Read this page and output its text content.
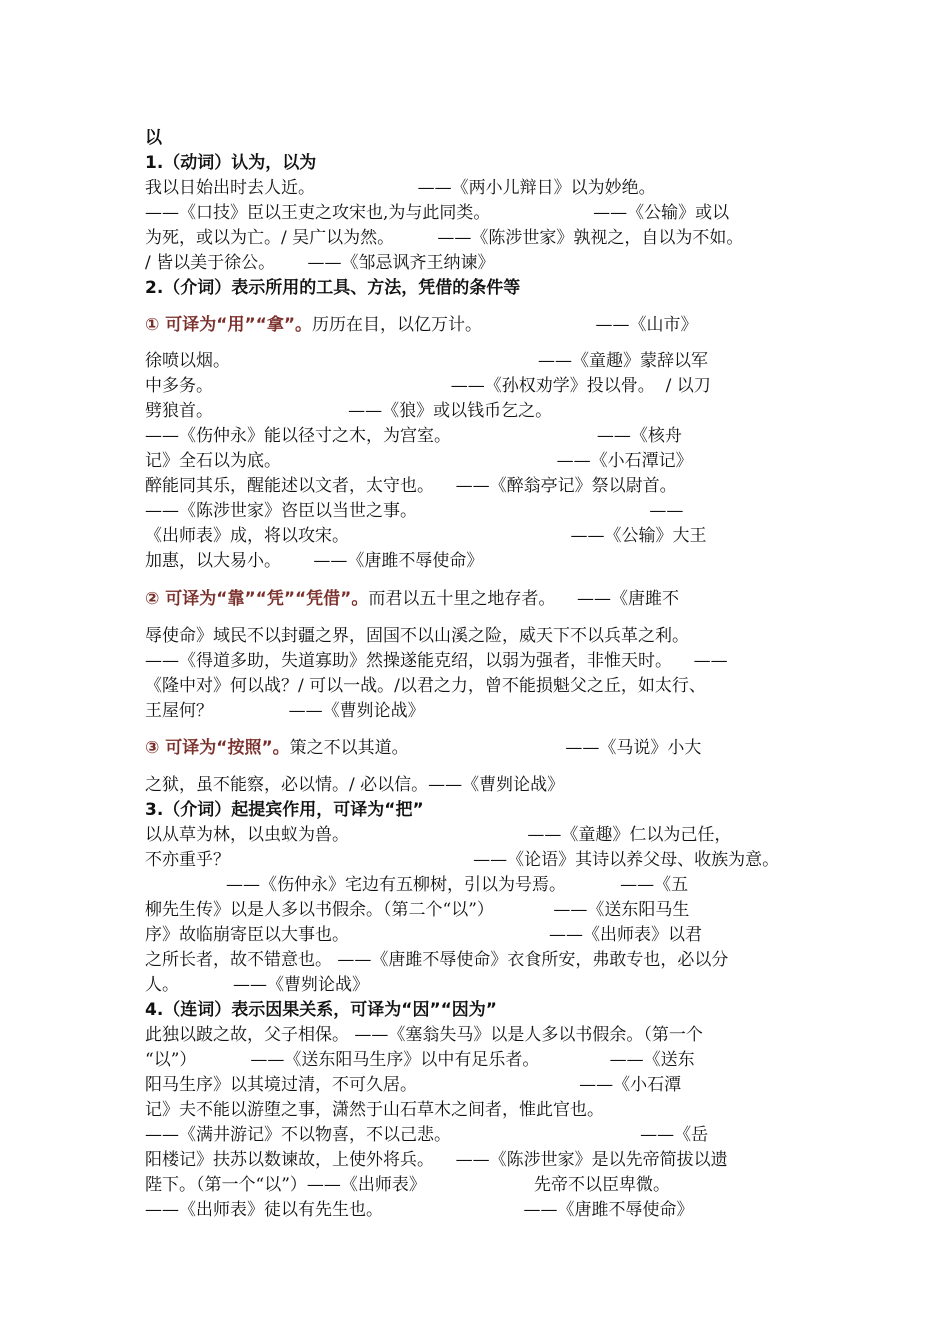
以

1.（动词）认为，以为

我以日始出时去人近。                   ——《两小儿辩日》以为妙绝。

——《口技》臣以王吏之攻宋也,为与此同类。                   ——《公输》或以

为死，或以为亡。/ 吴广以为然。        ——《陈涉世家》孰视之，自以为不如。

/ 皆以美于徐公。      ——《邹忌讽齐王纳谏》

2.（介词）表示所用的工具、方法，凭借的条件等

① 可译为“用”“拿”。历历在目，以亿万计。                     ——《山市》

徐喷以烟。                                                         ——《童趣》蒙辞以军

中多务。                                            ——《孙权劝学》投以骨。  / 以刀

劈狼首。                         ——《狼》或以钱币乞之。

——《伤仲永》能以径寸之木，为宫室。                           ——《核舟

记》全石以为底。                                                   ——《小石潭记》

醉能同其乐，醒能述以文者，太守也。    ——《醉翁亭记》祭以尉首。

——《陈涉世家》咨臣以当世之事。                                           ——

《出师表》成，将以攻宋。                                         ——《公输》大王

加惠，以大易小。      ——《唐雎不辱使命》

② 可译为“靠”“凭”“凭借”。而君以五十里之地存者。    ——《唐雎不

辱使命》域民不以封疆之界，固国不以山溪之险，威天下不以兵革之利。

——《得道多助，失道寡助》然操遂能克绍，以弱为强者，非惟天时。    ——

《隆中对》何以战？/ 可以一战。/以君之力，曾不能损魁父之丘，如太行、

王屋何？              ——《曹刿论战》

③ 可译为“按照”。策之不以其道。                             ——《马说》小大

之狱，虽不能察，必以情。/ 必以信。——《曹刿论战》

3.（介词）起提宾作用，可译为“把”

以从草为林，以虫蚁为兽。                                 ——《童趣》仁以为己任，

不亦重乎？                                             ——《论语》其诗以养父母、收族为意。

——《伤仲永》宅边有五柳树，引以为号焉。          ——《五

柳先生传》以是人多以书假余。（第二个“以”）           ——《送东阳马生

序》故临崩寄臣以大事也。                                     ——《出师表》以君

之所长者，故不错意也。 ——《唐雎不辱使命》衣食所安，弗敢专也，必以分

人。          ——《曹刿论战》

4.（连词）表示因果关系，可译为“因”“因为”

此独以跛之故，父子相保。 ——《塞翁失马》以是人多以书假余。（第一个

“以”）          ——《送东阳马生序》以中有足乐者。             ——《送东

阳马生序》以其境过清，不可久居。                              ——《小石潭

记》夫不能以游堕之事，潇然于山石草木之间者，惟此官也。

——《满井游记》不以物喜，不以己悲。                                   ——《岳

阳楼记》扶苏以数谏故，上使外将兵。    ——《陈涉世家》是以先帝简拔以遗

陛下。（第一个“以”）——《出师表》                    先帝不以臣卑微。

——《出师表》徒以有先生也。                          ——《唐雎不辱使命》
